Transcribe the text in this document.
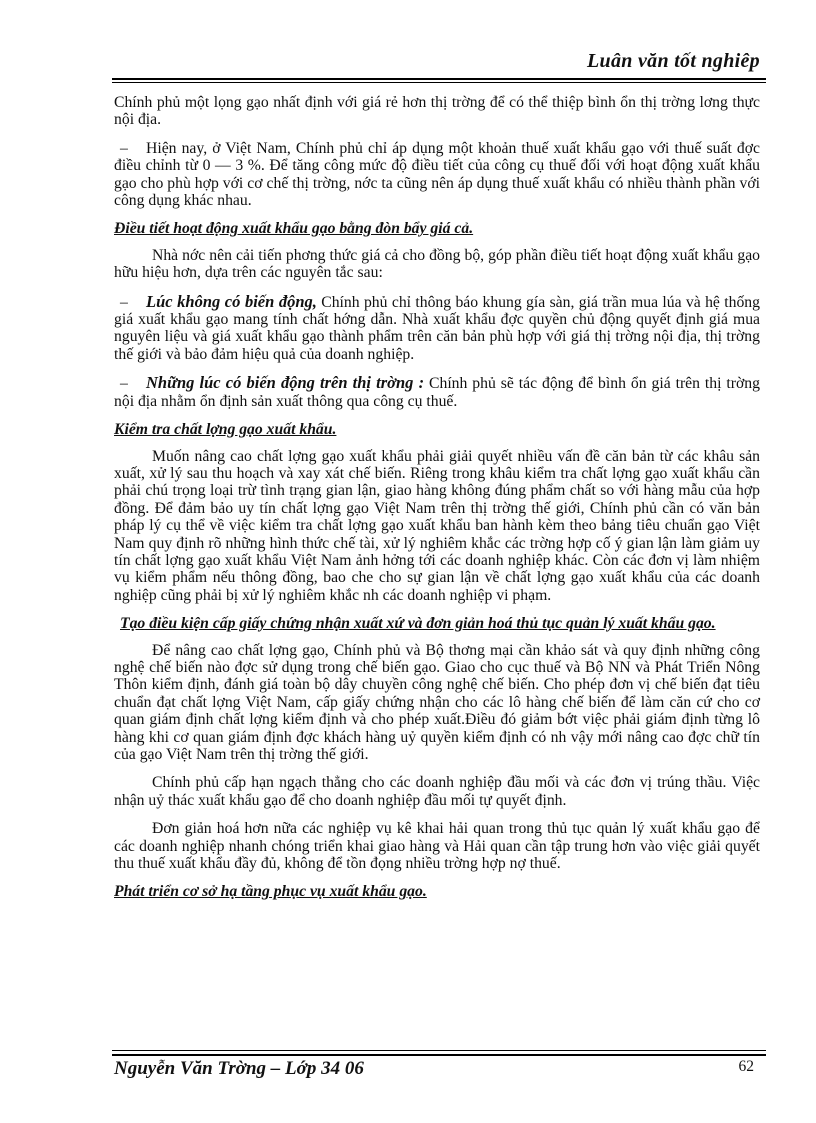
Luân văn tốt nghiêp

Chính phủ một lọng gạo nhất định với giá rẻ hơn thị trờng để có thể thiệp bình ổn thị trờng lơng thực nội địa.

– Hiện nay, ở Việt Nam, Chính phủ chỉ áp dụng một khoản thuế xuất khẩu gạo với thuế suất đợc điều chỉnh từ 0 — 3 %. Để tăng công mức độ điều tiết của công cụ thuế đối với hoạt động xuất khẩu gạo cho phù hợp với cơ chế thị trờng, nớc ta cũng nên áp dụng thuế xuất khẩu có nhiều thành phần với công dụng khác nhau.

Điều tiết hoạt động xuất khẩu gạo bằng đòn bẩy giá cả.

Nhà nớc nên cải tiến phơng thức giá cả cho đồng bộ, góp phần điều tiết hoạt động xuất khẩu gạo hữu hiệu hơn, dựa trên các nguyên tắc sau:

– Lúc không có biến động, Chính phủ chỉ thông báo khung gía sàn, giá trần mua lúa và hệ thống giá xuất khẩu gạo mang tính chất hớng dẫn. Nhà xuất khẩu đợc quyền chủ động quyết định giá mua nguyên liệu và giá xuất khẩu gạo thành phẩm trên căn bản phù hợp với giá thị trờng nội địa, thị trờng thế giới và bảo đảm hiệu quả của doanh nghiệp.

– Những lúc có biến động trên thị trờng : Chính phủ sẽ tác động để bình ổn giá trên thị trờng nội địa nhằm ổn định sản xuất thông qua công cụ thuế.

Kiểm tra chất lợng gạo xuất khẩu.

Muốn nâng cao chất lợng gạo xuất khẩu phải giải quyết nhiều vấn đề căn bản từ các khâu sản xuất, xử lý sau thu hoạch và xay xát chế biến. Riêng trong khâu kiểm tra chất lợng gạo xuất khẩu cần phải chú trọng loại trừ tình trạng gian lận, giao hàng không đúng phẩm chất so với hàng mẫu của hợp đồng. Để đảm bảo uy tín chất lợng gạo Việt Nam trên thị trờng thế giới, Chính phủ cần có văn bản pháp lý cụ thể về việc kiểm tra chất lợng gạo xuất khẩu ban hành kèm theo bảng tiêu chuẩn gạo Việt Nam quy định rõ những hình thức chế tài, xử lý nghiêm khắc các trờng hợp cố ý gian lận làm giảm uy tín chất lợng gạo xuất khẩu Việt Nam ảnh hởng tới các doanh nghiệp khác. Còn các đơn vị làm nhiệm vụ kiểm phẩm nếu thông đồng, bao che cho sự gian lận về chất lợng gạo xuất khẩu của các doanh nghiệp cũng phải bị xử lý nghiêm khắc nh các doanh nghiệp vi phạm.

Tạo điều kiện cấp giấy chứng nhận xuất xứ và đơn giản hoá thủ tục quản lý xuất khẩu gạo.

Để nâng cao chất lợng gạo, Chính phủ và Bộ thơng mại cần khảo sát và quy định những công nghệ chế biến nào đợc sử dụng trong chế biến gạo. Giao cho cục thuế và Bộ NN và Phát Triển Nông Thôn kiểm định, đánh giá toàn bộ dây chuyền công nghệ chế biến. Cho phép đơn vị chế biến đạt tiêu chuẩn đạt chất lợng Việt Nam, cấp giấy chứng nhận cho các lô hàng chế biến để làm căn cứ cho cơ quan giám định chất lợng kiểm định và cho phép xuất.Điều đó giảm bớt việc phải giám định từng lô hàng khi cơ quan giám định đợc khách hàng uỷ quyền kiểm định có nh vậy mới nâng cao đợc chữ tín của gạo Việt Nam trên thị trờng thế giới.

Chính phủ cấp hạn ngạch thẳng cho các doanh nghiệp đầu mối và các đơn vị trúng thầu. Việc nhận uỷ thác xuất khẩu gạo để cho doanh nghiệp đầu mối tự quyết định.

Đơn giản hoá hơn nữa các nghiệp vụ kê khai hải quan trong thủ tục quản lý xuất khẩu gạo để các doanh nghiệp nhanh chóng triển khai giao hàng và Hải quan cần tập trung hơn vào việc giải quyết thu thuế xuất khẩu đầy đủ, không để tồn đọng nhiều trờng hợp nợ thuế.

Phát triển cơ sở hạ tầng phục vụ xuất khẩu gạo.

Nguyễn Văn Trờng – Lớp 34 06	62
